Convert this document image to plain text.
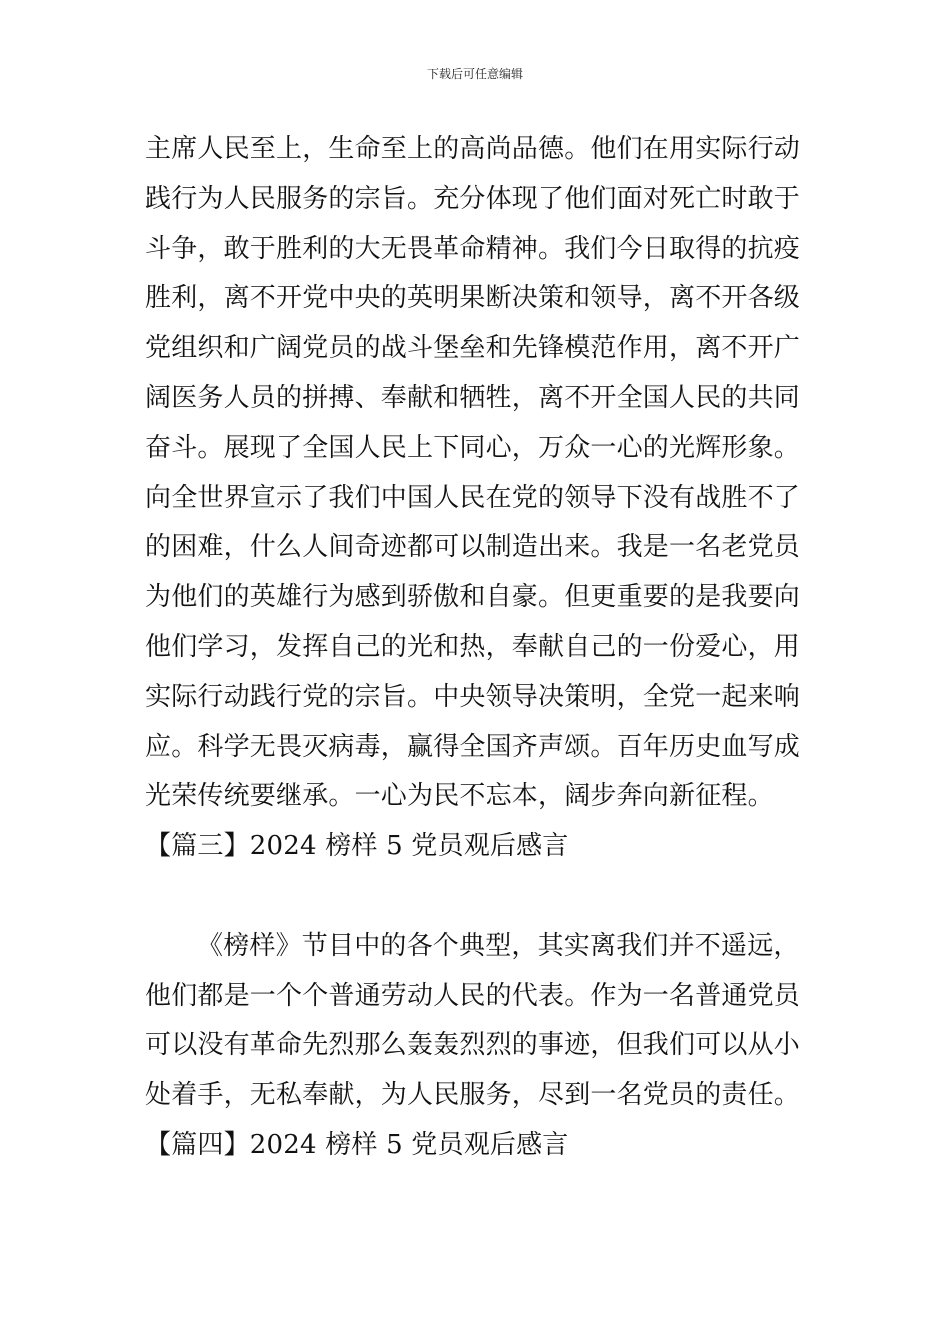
下载后可任意编辑
主席人民至上，生命至上的高尚品德。他们在用实际行动
践行为人民服务的宗旨。充分体现了他们面对死亡时敢于
斗争，敢于胜利的大无畏革命精神。我们今日取得的抗疫
胜利，离不开党中央的英明果断决策和领导，离不开各级
党组织和广阔党员的战斗堡垒和先锋模范作用，离不开广
阔医务人员的拼搏、奉献和牺牲，离不开全国人民的共同
奋斗。展现了全国人民上下同心，万众一心的光辉形象。
向全世界宣示了我们中国人民在党的领导下没有战胜不了
的困难，什么人间奇迹都可以制造出来。我是一名老党员
为他们的英雄行为感到骄傲和自豪。但更重要的是我要向
他们学习，发挥自己的光和热，奉献自己的一份爱心，用
实际行动践行党的宗旨。中央领导决策明，全党一起来响
应。科学无畏灭病毒，赢得全国齐声颂。百年历史血写成
光荣传统要继承。一心为民不忘本，阔步奔向新征程。
【篇三】2024 榜样 5 党员观后感言
《榜样》节目中的各个典型，其实离我们并不遥远，
他们都是一个个普通劳动人民的代表。作为一名普通党员
可以没有革命先烈那么轰轰烈烈的事迹，但我们可以从小
处着手，无私奉献，为人民服务，尽到一名党员的责任。
【篇四】2024 榜样 5 党员观后感言
